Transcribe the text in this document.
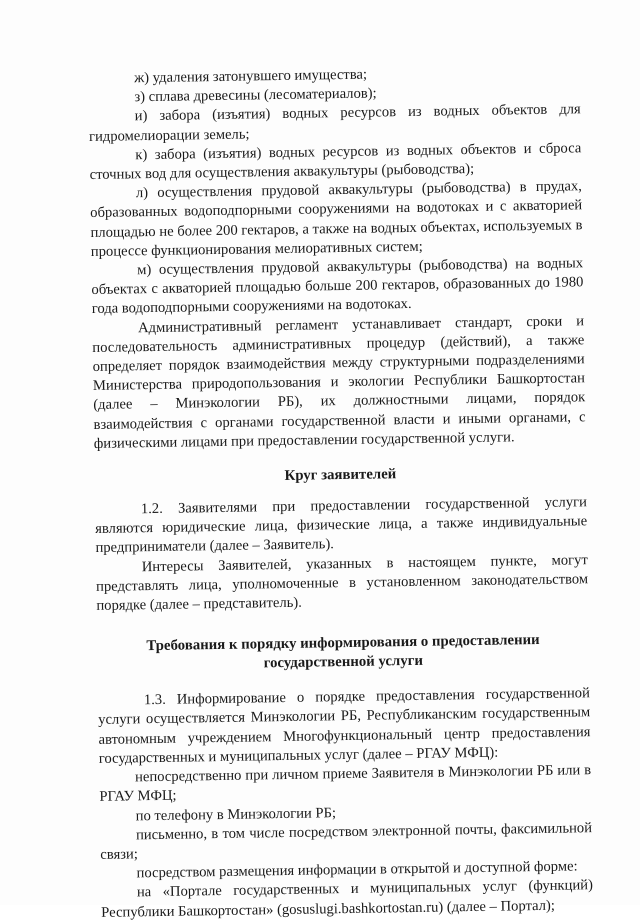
ж) удаления затонувшего имущества;

з) сплава древесины (лесоматериалов);

и) забора (изъятия) водных ресурсов из водных объектов для гидромелиорации земель;

к) забора (изъятия) водных ресурсов из водных объектов и сброса сточных вод для осуществления аквакультуры (рыбоводства);

л) осуществления прудовой аквакультуры (рыбоводства) в прудах, образованных водоподпорными сооружениями на водотоках и с акваторией площадью не более 200 гектаров, а также на водных объектах, используемых в процессе функционирования мелиоративных систем;

м) осуществления прудовой аквакультуры (рыбоводства) на водных объектах с акваторией площадью больше 200 гектаров, образованных до 1980 года водоподпорными сооружениями на водотоках.

Административный регламент устанавливает стандарт, сроки и последовательность административных процедур (действий), а также определяет порядок взаимодействия между структурными подразделениями Министерства природопользования и экологии Республики Башкортостан (далее – Минэкологии РБ), их должностными лицами, порядок взаимодействия с органами государственной власти и иными органами, с физическими лицами при предоставлении государственной услуги.

Круг заявителей

1.2. Заявителями при предоставлении государственной услуги являются юридические лица, физические лица, а также индивидуальные предприниматели (далее – Заявитель).

Интересы Заявителей, указанных в настоящем пункте, могут представлять лица, уполномоченные в установленном законодательством порядке (далее – представитель).

Требования к порядку информирования о предоставлении государственной услуги

1.3. Информирование о порядке предоставления государственной услуги осуществляется Минэкологии РБ, Республиканским государственным автономным учреждением Многофункциональный центр предоставления государственных и муниципальных услуг (далее – РГАУ МФЦ):

непосредственно при личном приеме Заявителя в Минэкологии РБ или в РГАУ МФЦ;

по телефону в Минэкологии РБ;

письменно, в том числе посредством электронной почты, факсимильной связи;

посредством размещения информации в открытой и доступной форме:

на «Портале государственных и муниципальных услуг (функций) Республики Башкортостан» (gosuslugi.bashkortostan.ru) (далее – Портал);
